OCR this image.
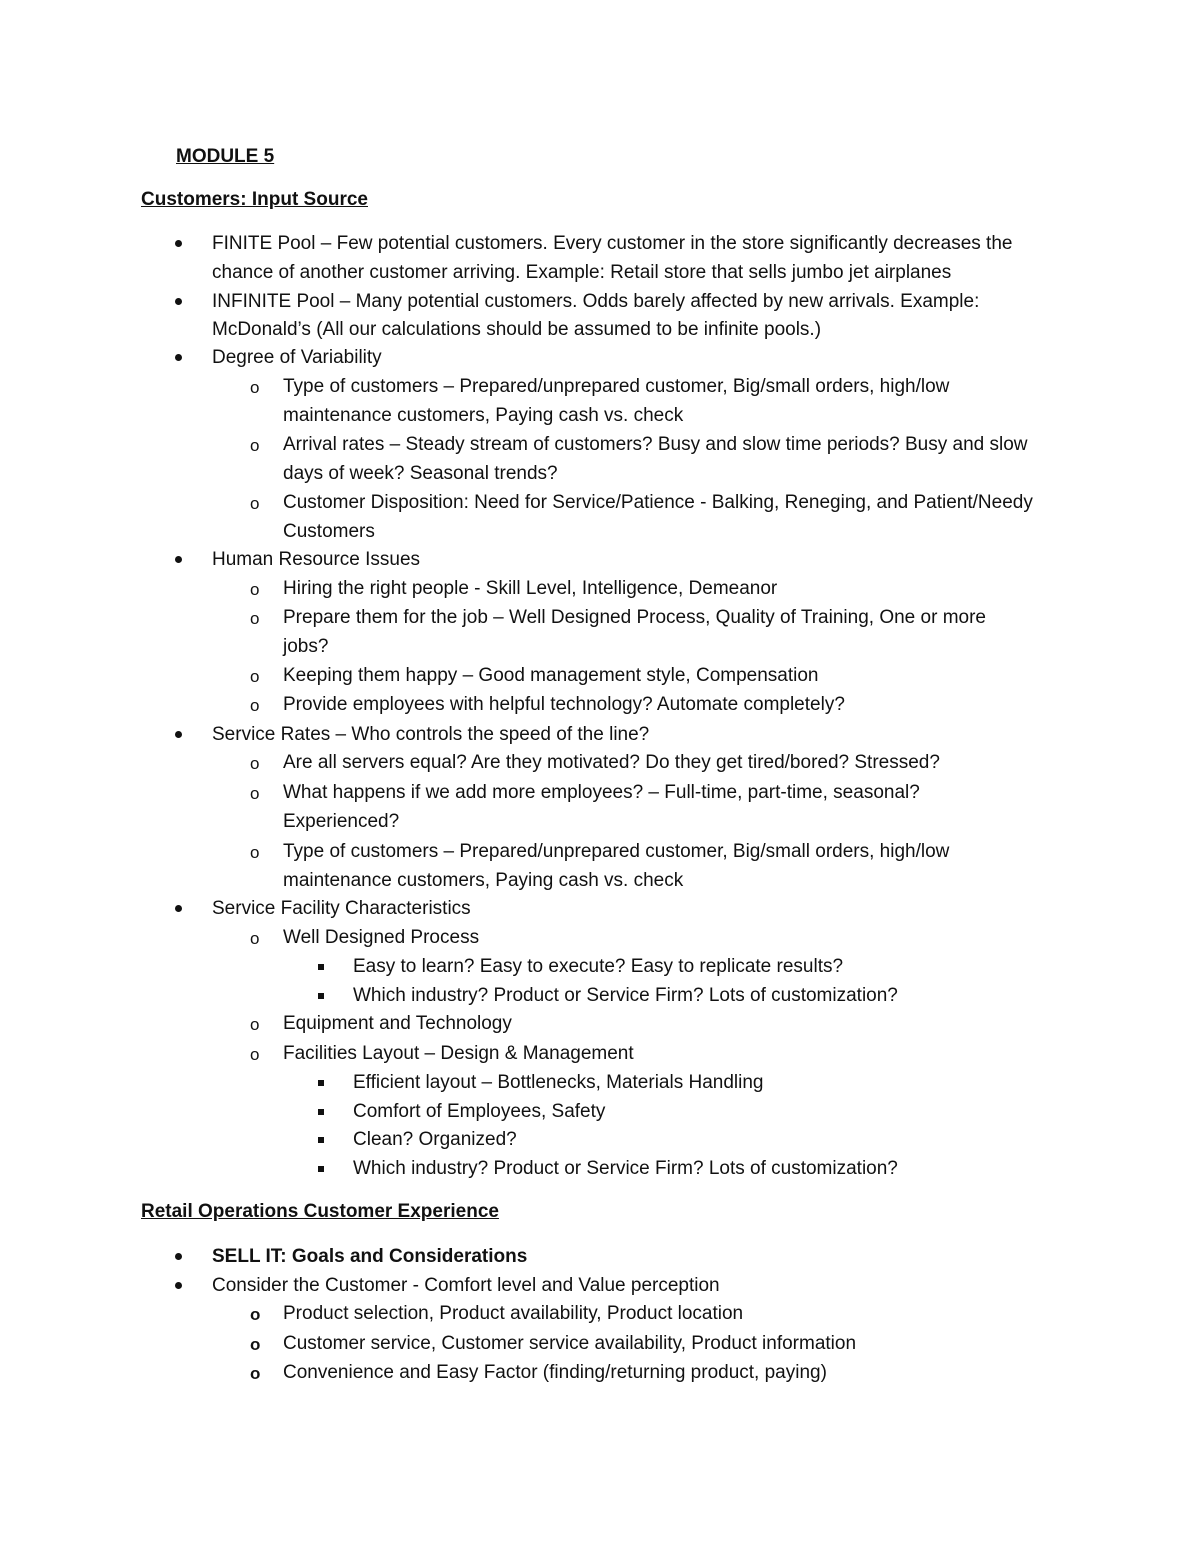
MODULE 5
Customers: Input Source
FINITE Pool – Few potential customers. Every customer in the store significantly decreases the
chance of another customer arriving. Example: Retail store that sells jumbo jet airplanes
INFINITE Pool – Many potential customers. Odds barely affected by new arrivals. Example:
McDonald’s (All our calculations should be assumed to be infinite pools.)
Degree of Variability
o Type of customers – Prepared/unprepared customer, Big/small orders, high/low
maintenance customers, Paying cash vs. check
o Arrival rates – Steady stream of customers? Busy and slow time periods? Busy and slow
days of week? Seasonal trends?
o Customer Disposition: Need for Service/Patience - Balking, Reneging, and Patient/Needy
Customers
Human Resource Issues
o Hiring the right people - Skill Level, Intelligence, Demeanor
o Prepare them for the job – Well Designed Process, Quality of Training, One or more
jobs?
o Keeping them happy – Good management style, Compensation
o Provide employees with helpful technology? Automate completely?
Service Rates – Who controls the speed of the line?
o Are all servers equal? Are they motivated? Do they get tired/bored? Stressed?
o What happens if we add more employees? – Full-time, part-time, seasonal?
Experienced?
o Type of customers – Prepared/unprepared customer, Big/small orders, high/low
maintenance customers, Paying cash vs. check
Service Facility Characteristics
o Well Designed Process
Easy to learn? Easy to execute? Easy to replicate results?
Which industry? Product or Service Firm? Lots of customization?
o Equipment and Technology
o Facilities Layout – Design & Management
Efficient layout – Bottlenecks, Materials Handling
Comfort of Employees, Safety
Clean? Organized?
Which industry? Product or Service Firm? Lots of customization?
Retail Operations Customer Experience
SELL IT: Goals and Considerations
Consider the Customer - Comfort level and Value perception
o Product selection, Product availability, Product location
o Customer service, Customer service availability, Product information
o Convenience and Easy Factor (finding/returning product, paying)
